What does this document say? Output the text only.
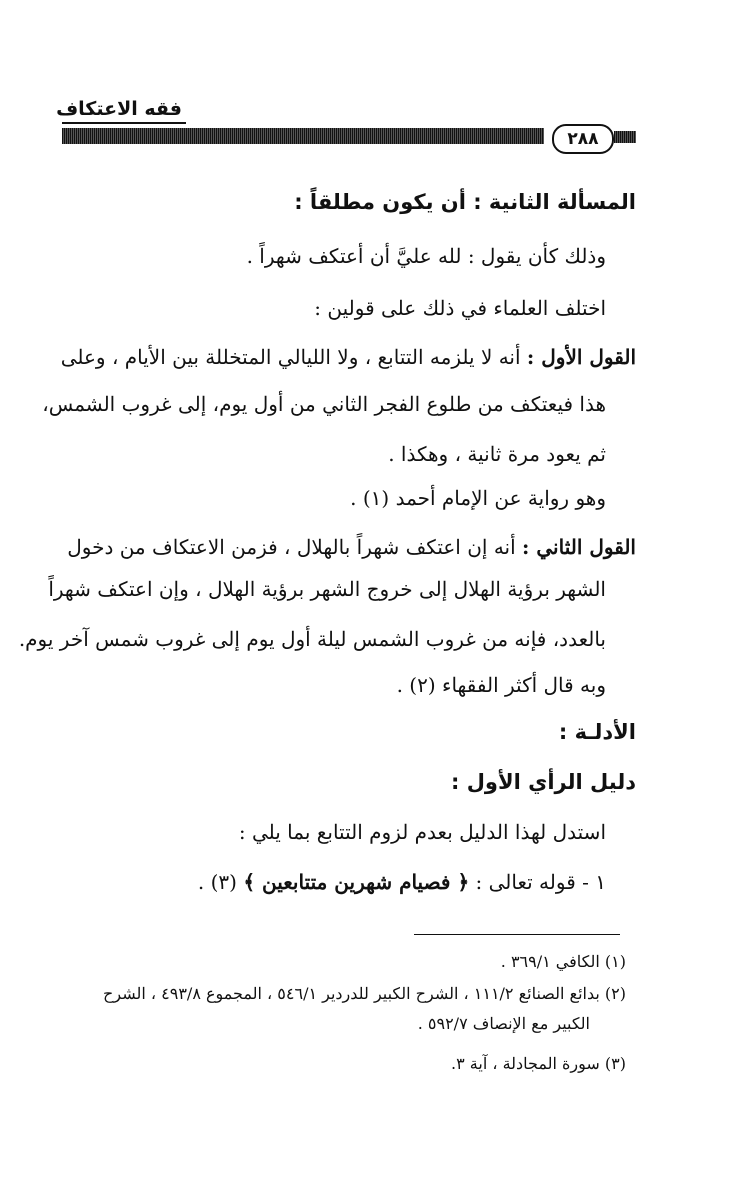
فقه الاعتكاف
٢٨٨
المسألة الثانية : أن يكون مطلقاً :
وذلك كأن يقول : لله عليَّ أن أعتكف شهراً .
اختلف العلماء في ذلك على قولين :
القول الأول : أنه لا يلزمه التتابع ، ولا الليالي المتخللة بين الأيام ، وعلى
هذا فيعتكف من طلوع الفجر الثاني من أول يوم، إلى غروب الشمس،
ثم يعود مرة ثانية ، وهكذا .
وهو رواية عن الإمام أحمد (١) .
القول الثاني : أنه إن اعتكف شهراً بالهلال ، فزمن الاعتكاف من دخول
الشهر برؤية الهلال إلى خروج الشهر برؤية الهلال ، وإن اعتكف شهراً
بالعدد، فإنه من غروب الشمس ليلة أول يوم إلى غروب شمس آخر يوم.
وبه قال أكثر الفقهاء (٢) .
الأدلـة :
دليل الرأي الأول :
استدل لهذا الدليل بعدم لزوم التتابع بما يلي :
١ - قوله تعالى : ﴿ فصيام شهرين متتابعين ﴾ (٣) .
(١) الكافي ٣٦٩/١ .
(٢) بدائع الصنائع ١١١/٢ ، الشرح الكبير للدردير ٥٤٦/١ ، المجموع ٤٩٣/٨ ، الشرح
الكبير مع الإنصاف ٥٩٢/٧ .
(٣) سورة المجادلة ، آية ٣.
